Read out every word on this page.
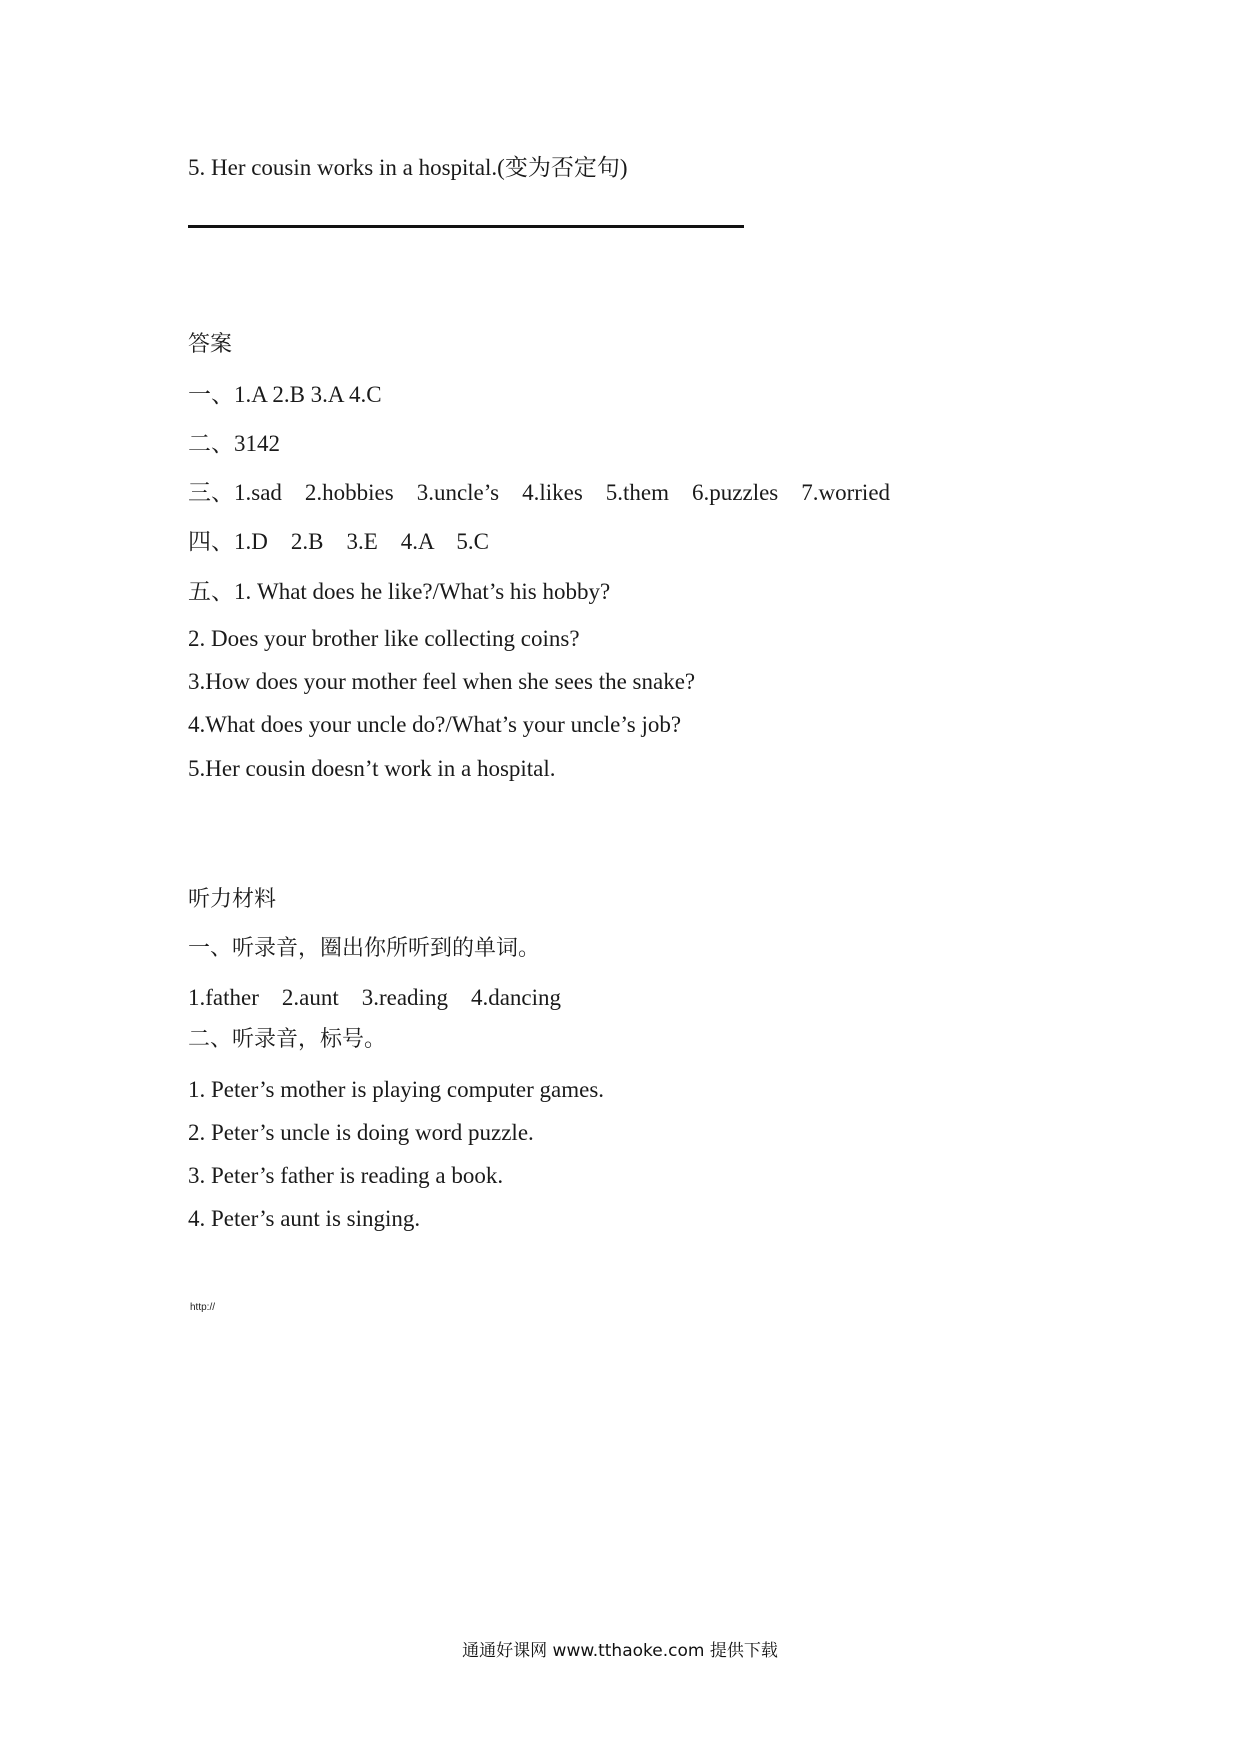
5. Her cousin works in a hospital.(变为否定句)
答案
一、1.A 2.B 3.A 4.C
二、3142
三、1.sad    2.hobbies    3.uncle’s    4.likes    5.them    6.puzzles    7.worried
四、1.D    2.B    3.E    4.A    5.C
五、1. What does he like?/What’s his hobby?
2. Does your brother like collecting coins?
3.How does your mother feel when she sees the snake?
4.What does your uncle do?/What’s your uncle’s job?
5.Her cousin doesn’t work in a hospital.
听力材料
一、听录音，圈出你所听到的单词。
1.father    2.aunt    3.reading    4.dancing
二、听录音，标号。
1. Peter’s mother is playing computer games.
2. Peter’s uncle is doing word puzzle.
3. Peter’s father is reading a book.
4. Peter’s aunt is singing.
http://
通通好课网 www.tthaoke.com 提供下载
